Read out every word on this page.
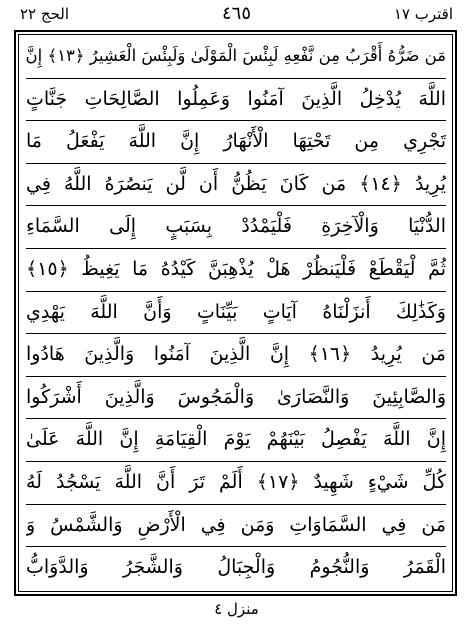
الحج ٢٢	٤٦٥	اقترب ١٧
مَن ضَرُّهُ أَقْرَبُ مِن نَّفْعِهِ لَبِئْسَ الْمَوْلَىٰ وَلَبِئْسَ الْعَشِيرُ ﴿١٣﴾ إِنَّ
اللَّهَ يُدْخِلُ الَّذِينَ آمَنُوا وَعَمِلُوا الصَّالِحَاتِ جَنَّاتٍ
تَجْرِي مِن تَحْتِهَا الْأَنْهَارُ إِنَّ اللَّهَ يَفْعَلُ مَا
يُرِيدُ ﴿١٤﴾ مَن كَانَ يَظُنُّ أَن لَّن يَنصُرَهُ اللَّهُ فِي
الدُّنْيَا وَالْآخِرَةِ فَلْيَمْدُدْ بِسَبَبٍ إِلَى السَّمَاءِ
ثُمَّ لْيَقْطَعْ فَلْيَنظُرْ هَلْ يُذْهِبَنَّ كَيْدُهُ مَا يَغِيظُ ﴿١٥﴾
وَكَذَٰلِكَ أَنزَلْنَاهُ آيَاتٍ بَيِّنَاتٍ وَأَنَّ اللَّهَ يَهْدِي
مَن يُرِيدُ ﴿١٦﴾ إِنَّ الَّذِينَ آمَنُوا وَالَّذِينَ هَادُوا
وَالصَّابِئِينَ وَالنَّصَارَىٰ وَالْمَجُوسَ وَالَّذِينَ أَشْرَكُوا
إِنَّ اللَّهَ يَفْصِلُ بَيْنَهُمْ يَوْمَ الْقِيَامَةِ إِنَّ اللَّهَ عَلَىٰ
كُلِّ شَيْءٍ شَهِيدٌ ﴿١٧﴾ أَلَمْ تَرَ أَنَّ اللَّهَ يَسْجُدُ لَهُ
مَن فِي السَّمَاوَاتِ وَمَن فِي الْأَرْضِ وَالشَّمْسُ وَ
الْقَمَرُ وَالنُّجُومُ وَالْجِبَالُ وَالشَّجَرُ وَالدَّوَابُّ
منزل ٤
